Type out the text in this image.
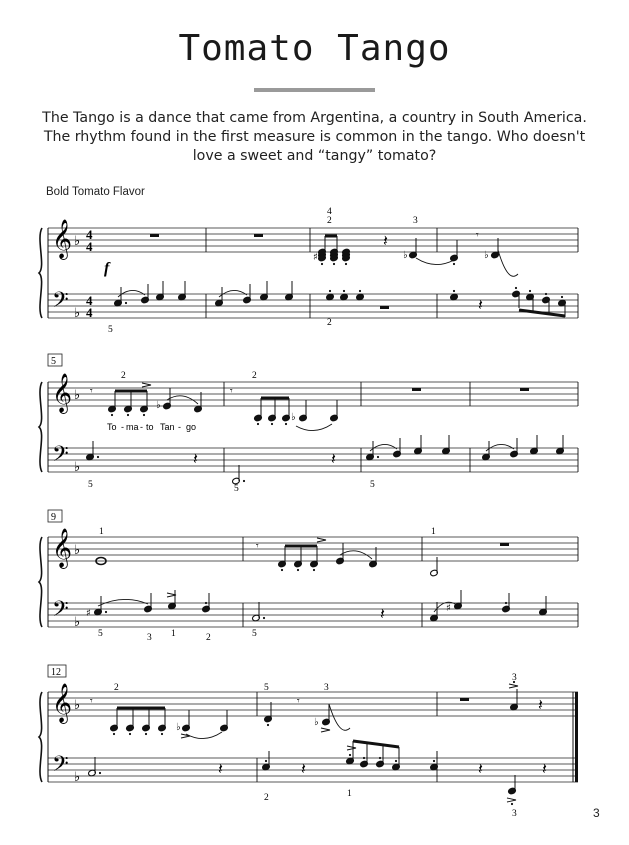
Tomato Tango
The Tango is a dance that came from Argentina, a country in South America. The rhythm found in the first measure is common in the tango. Who doesn't love a sweet and “tangy” tomato?
Bold Tomato Flavor
3
𝄞
𝄢
♭
♭
4
4
4
4
𝄞
𝄢
♭
♭
𝄞
𝄢
♭
♭
𝄞
𝄢
♭
♭
♯
𝄽
♭
𝄾
♭
𝄽
𝄾
♭
𝄾
♭
𝄽	𝄽
𝄾
♯	𝄽	♯
𝄾
♭
𝄾
♭
𝄽
𝄽	𝄽	𝄽	𝄽
f
5
9
12
To - ma - to Tan - go
4
2	3
5
2
2	2
5	5	5
1	1
5	3 1	2	5
2	5	3
3
2	1
3
